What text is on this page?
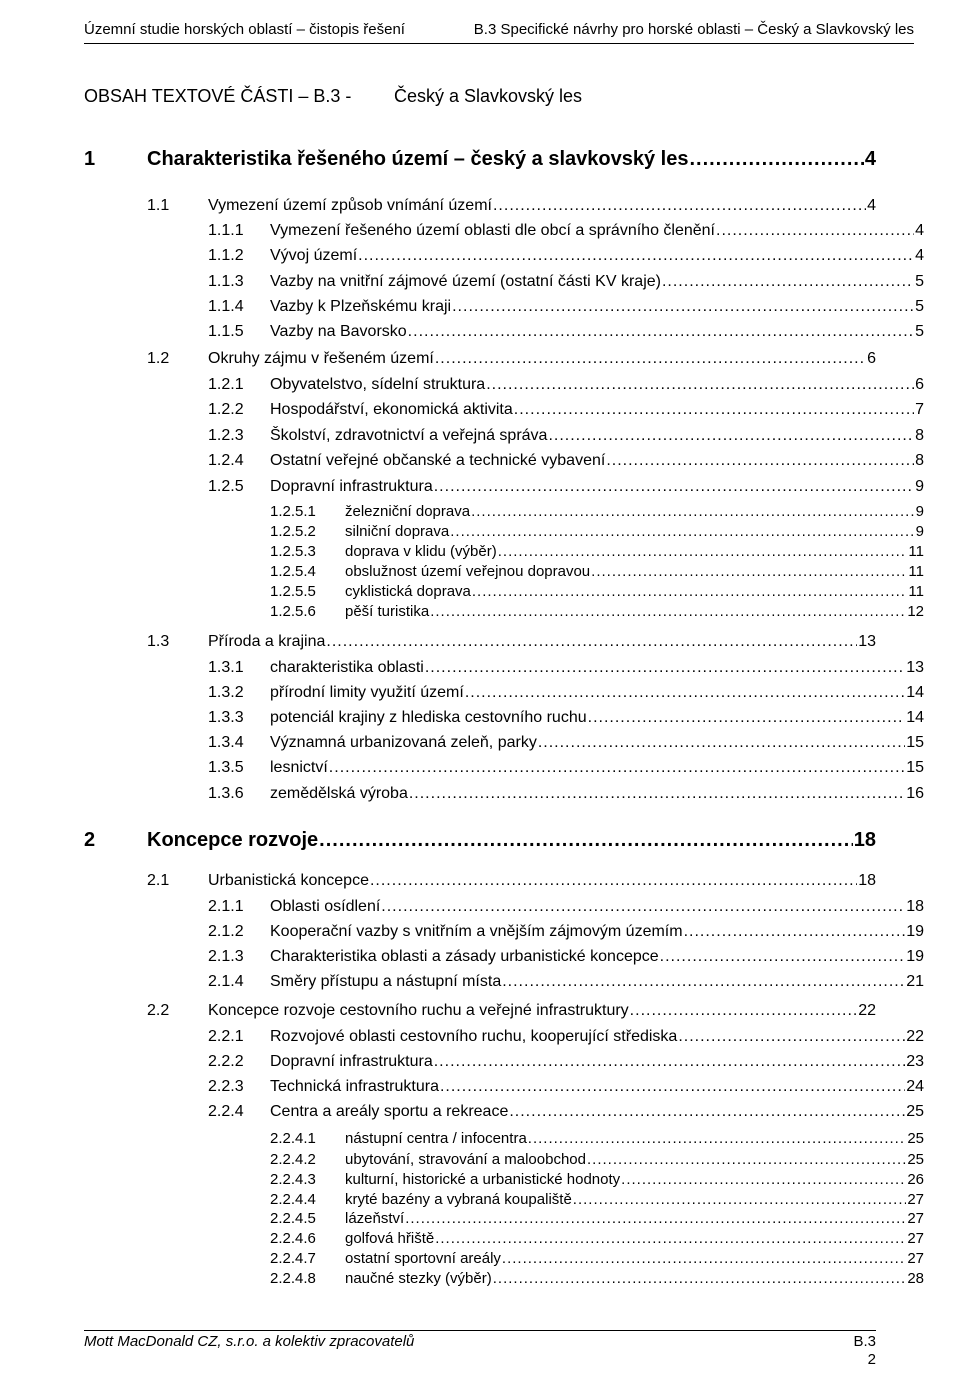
Územní studie horských oblastí – čistopis řešení	B.3 Specifické návrhy pro horské oblasti – Český a Slavkovský les
OBSAH TEXTOVÉ ČÁSTI – B.3 - Český a Slavkovský les
1	Charakteristika řešeného území – český a slavkovský les .....	4
1.1	Vymezení území způsob vnímání území .....	4
1.1.1	Vymezení řešeného území oblasti dle obcí a správního členění .....	4
1.1.2	Vývoj území .....	4
1.1.3	Vazby na vnitřní zájmové území (ostatní části KV kraje) .....	5
1.1.4	Vazby k Plzeňskému kraji .....	5
1.1.5	Vazby na Bavorsko .....	5
1.2	Okruhy zájmu v řešeném území .....	6
1.2.1	Obyvatelstvo, sídelní struktura .....	6
1.2.2	Hospodářství, ekonomická aktivita .....	7
1.2.3	Školství, zdravotnictví a veřejná správa .....	8
1.2.4	Ostatní veřejné občanské a technické vybavení .....	8
1.2.5	Dopravní infrastruktura .....	9
1.2.5.1	železniční doprava .....	9
1.2.5.2	silniční doprava .....	9
1.2.5.3	doprava v klidu (výběr) .....	11
1.2.5.4	obslužnost území veřejnou dopravou .....	11
1.2.5.5	cyklistická doprava .....	11
1.2.5.6	pěší turistika .....	12
1.3	Příroda a krajina .....	13
1.3.1	charakteristika oblasti .....	13
1.3.2	přírodní limity využití území .....	14
1.3.3	potenciál krajiny z hlediska cestovního ruchu .....	14
1.3.4	Významná urbanizovaná zeleň, parky .....	15
1.3.5	lesnictví .....	15
1.3.6	zemědělská výroba .....	16
2	Koncepce rozvoje .....	18
2.1	Urbanistická koncepce .....	18
2.1.1	Oblasti osídlení .....	18
2.1.2	Kooperační vazby s vnitřním a vnějším zájmovým územím .....	19
2.1.3	Charakteristika oblasti a zásady urbanistické koncepce .....	19
2.1.4	Směry přístupu a nástupní místa .....	21
2.2	Koncepce rozvoje cestovního ruchu a veřejné infrastruktury .....	22
2.2.1	Rozvojové oblasti cestovního ruchu, kooperující střediska .....	22
2.2.2	Dopravní infrastruktura .....	23
2.2.3	Technická infrastruktura .....	24
2.2.4	Centra a areály sportu a rekreace .....	25
2.2.4.1	nástupní centra / infocentra .....	25
2.2.4.2	ubytování, stravování a maloobchod .....	25
2.2.4.3	kulturní, historické a urbanistické hodnoty .....	26
2.2.4.4	kryté bazény a vybraná koupaliště .....	27
2.2.4.5	lázeňství .....	27
2.2.4.6	golfová hřiště .....	27
2.2.4.7	ostatní sportovní areály .....	27
2.2.4.8	naučné stezky (výběr) .....	28
Mott MacDonald CZ, s.r.o. a kolektiv zpracovatelů	B.3
2
